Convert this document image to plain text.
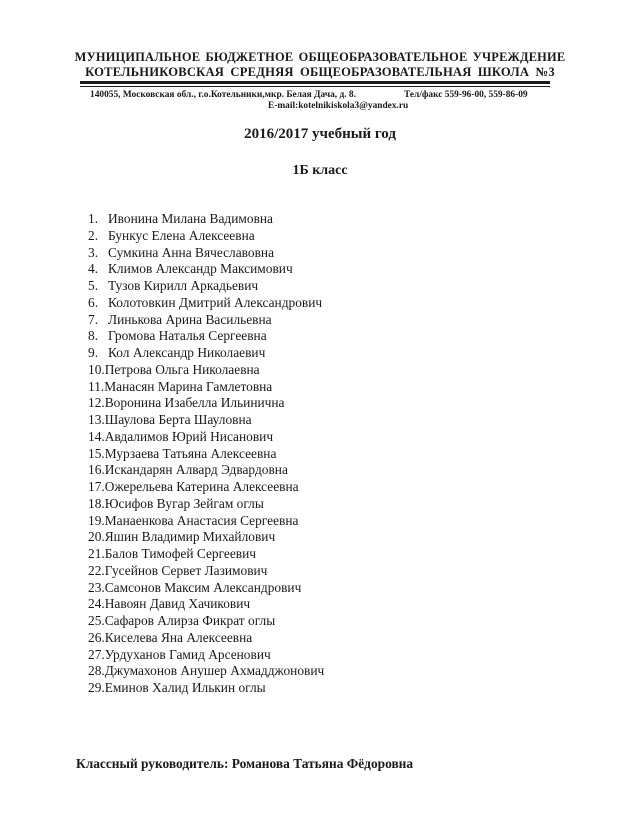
МУНИЦИПАЛЬНОЕ БЮДЖЕТНОЕ ОБЩЕОБРАЗОВАТЕЛЬНОЕ УЧРЕЖДЕНИЕ
КОТЕЛЬНИКОВСКАЯ СРЕДНЯЯ ОБЩЕОБРАЗОВАТЕЛЬНАЯ ШКОЛА №3
140055, Московская обл., г.о.Котельники,мкр. Белая Дача, д. 8.	Тел/факс 559-96-00, 559-86-09
E-mail:kotelnikiskola3@yandex.ru
2016/2017 учебный год
1Б класс
1. Ивонина Милана Вадимовна
2. Бункус Елена Алексеевна
3. Сумкина Анна Вячеславовна
4. Климов Александр Максимович
5. Тузов Кирилл Аркадьевич
6. Колотовкин Дмитрий Александрович
7. Линькова Арина Васильевна
8. Громова Наталья Сергеевна
9. Кол Александр Николаевич
10. Петрова Ольга Николаевна
11. Манасян Марина Гамлетовна
12. Воронина Изабелла Ильинична
13. Шаулова Берта Шауловна
14. Авдалимов Юрий Нисанович
15. Мурзаева Татьяна Алексеевна
16. Искандарян Алвард Эдвардовна
17. Ожерельева Катерина Алексеевна
18. Юсифов Вугар Зейгам оглы
19. Манаенкова Анастасия Сергеевна
20. Яшин Владимир Михайлович
21. Балов Тимофей Сергеевич
22. Гусейнов Сервет Лазимович
23. Самсонов Максим Александрович
24. Навоян Давид Хачикович
25. Сафаров Алирза Фикрат оглы
26. Киселева Яна Алексеевна
27. Урдуханов Гамид Арсенович
28. Джумахонов Анушер Ахмадджонович
29. Еминов Халид Илькин оглы
Классный руководитель: Романова Татьяна Фёдоровна
